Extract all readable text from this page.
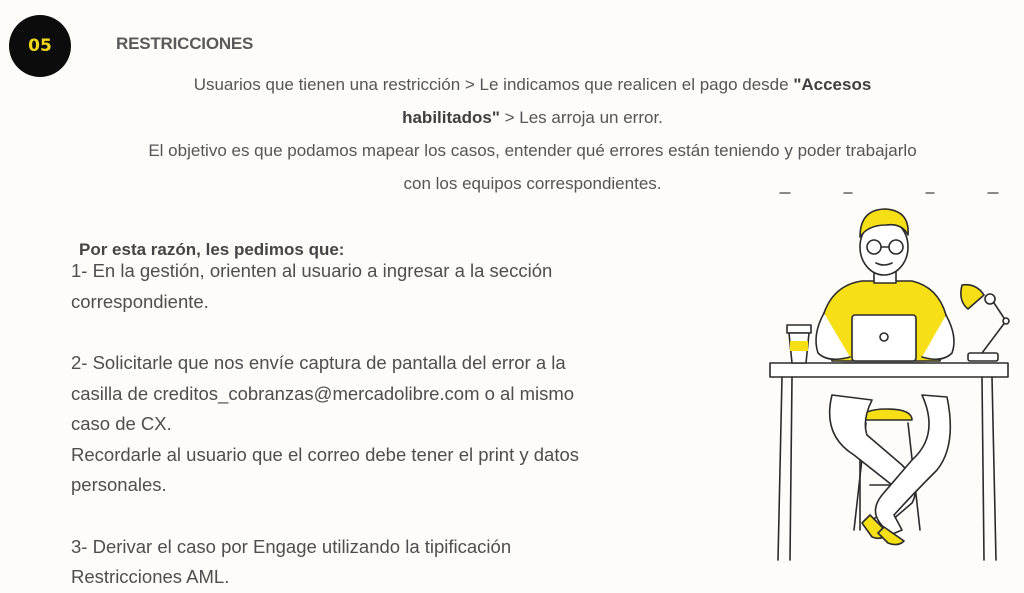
05	RESTRICCIONES
Usuarios que tienen una restricción > Le indicamos que realicen el pago desde "Accesos
habilitados" > Les arroja un error.
El objetivo es que podamos mapear los casos, entender qué errores están teniendo y poder trabajarlo
con los equipos correspondientes.
Por esta razón, les pedimos que:

1- En la gestión, orienten al usuario a ingresar a la sección

correspondiente.

2- Solicitarle que nos envíe captura de pantalla del error a la

casilla de creditos_cobranzas@mercadolibre.com o al mismo

caso de CX.

Recordarle al usuario que el correo debe tener el print y datos

personales.

3- Derivar el caso por Engage utilizando la tipificación

Restricciones AML.
